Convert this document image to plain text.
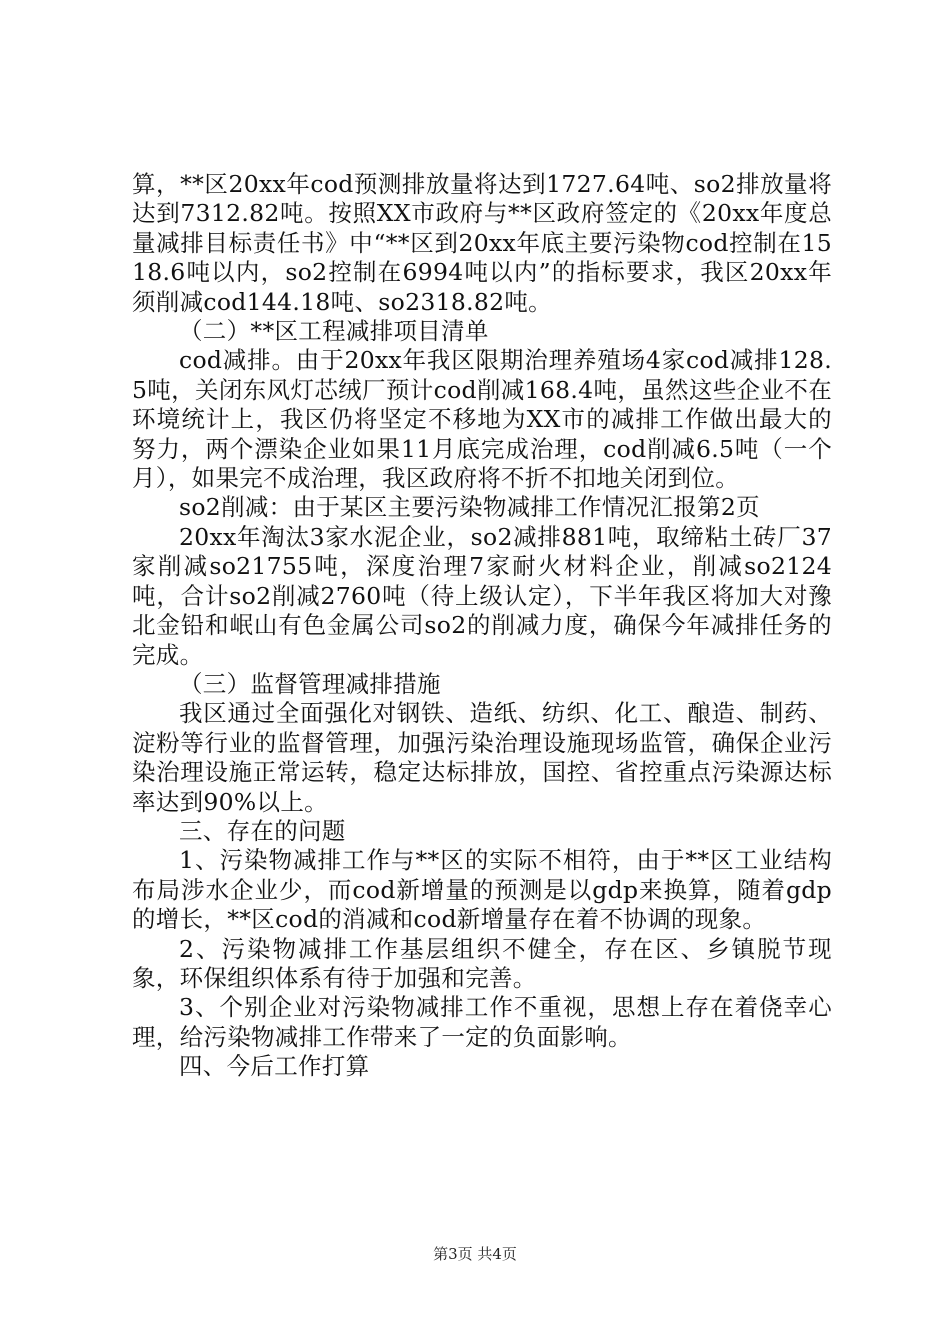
算，**区20xx年cod预测排放量将达到1727.64吨、so2排放量将达到7312.82吨。按照XX市政府与**区政府签定的《20xx年度总量减排目标责任书》中“**区到20xx年底主要污染物cod控制在1518.6吨以内，so2控制在6994吨以内”的指标要求，我区20xx年须削减cod144.18吨、so2318.82吨。

（二）**区工程减排项目清单

cod减排。由于20xx年我区限期治理养殖场4家cod减排128.5吨，关闭东风灯芯绒厂预计cod削减168.4吨，虽然这些企业不在环境统计上，我区仍将坚定不移地为XX市的减排工作做出最大的努力，两个漂染企业如果11月底完成治理，cod削减6.5吨（一个月），如果完不成治理，我区政府将不折不扣地关闭到位。

so2削减：由于某区主要污染物减排工作情况汇报第2页

20xx年淘汰3家水泥企业，so2减排881吨，取缔粘土砖厂37家削减so21755吨，深度治理7家耐火材料企业，削减so2124吨，合计so2削减2760吨（待上级认定），下半年我区将加大对豫北金铅和岷山有色金属公司so2的削减力度，确保今年减排任务的完成。

（三）监督管理减排措施

我区通过全面强化对钢铁、造纸、纺织、化工、酿造、制药、淀粉等行业的监督管理，加强污染治理设施现场监管，确保企业污染治理设施正常运转，稳定达标排放，国控、省控重点污染源达标率达到90%以上。

三、存在的问题

1、污染物减排工作与**区的实际不相符，由于**区工业结构布局涉水企业少，而cod新增量的预测是以gdp来换算，随着gdp的增长，**区cod的消减和cod新增量存在着不协调的现象。

2、污染物减排工作基层组织不健全，存在区、乡镇脱节现象，环保组织体系有待于加强和完善。

3、个别企业对污染物减排工作不重视，思想上存在着侥幸心理，给污染物减排工作带来了一定的负面影响。

四、今后工作打算

第3页 共4页
